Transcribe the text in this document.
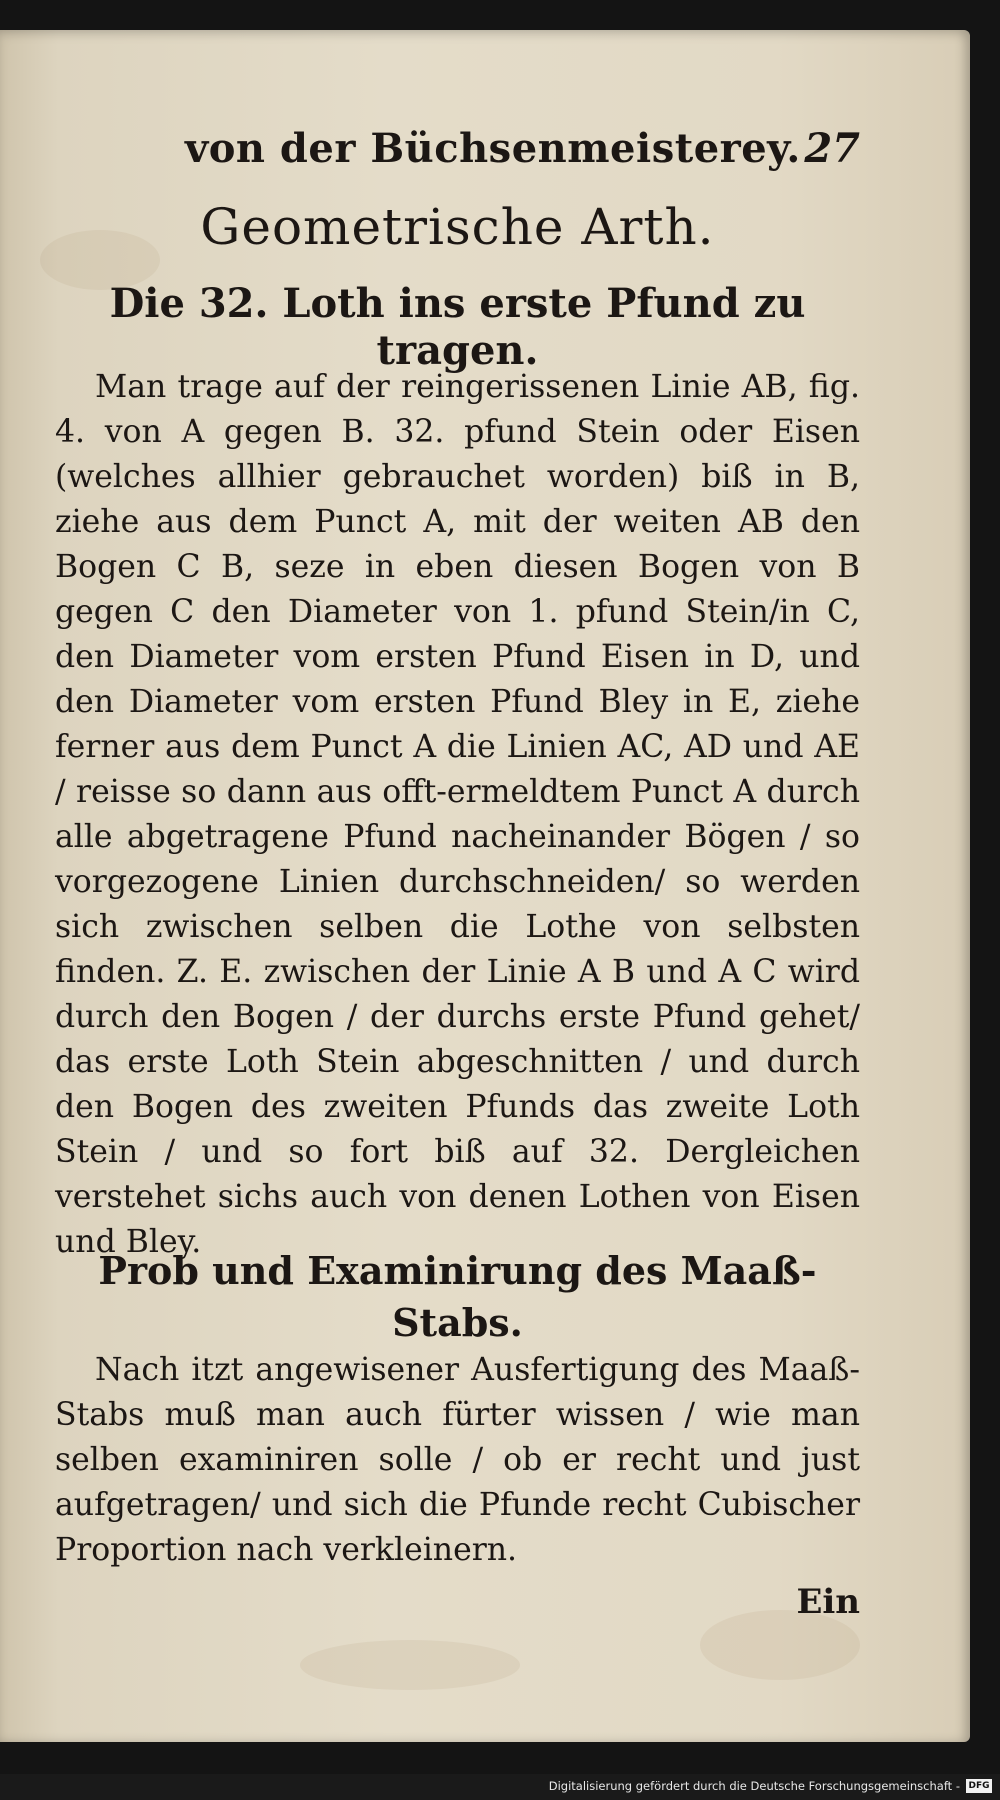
von der Büchsenmeisterey. 27
Geometrische Arth.
Die 32. Loth ins erste Pfund zu tragen.

Man trage auf der reingerissenen Linie AB, fig. 4. von A gegen B. 32. pfund Stein oder Eisen (welches allhier gebrauchet worden) biß in B, ziehe aus dem Punct A, mit der weiten AB den Bogen C B, seze in eben diesen Bogen von B gegen C den Diameter von 1. pfund Stein/in C, den Diameter vom ersten Pfund Eisen in D, und den Diameter vom ersten Pfund Bley in E, ziehe ferner aus dem Punct A die Linien AC, AD und AE / reisse so dann aus offt-ermeldtem Punct A durch alle abgetragene Pfund nacheinander Bögen / so vorgezogene Linien durchschneiden/ so werden sich zwischen selben die Lothe von selbsten finden. Z. E. zwischen der Linie A B und A C wird durch den Bogen / der durchs erste Pfund gehet/ das erste Loth Stein abgeschnitten / und durch den Bogen des zweiten Pfunds das zweite Loth Stein / und so fort biß auf 32. Dergleichen verstehet sichs auch von denen Lothen von Eisen und Bley.

Prob und Examinirung des Maaß-Stabs.

Nach itzt angewisener Ausfertigung des Maaß-Stabs muß man auch fürter wissen / wie man selben examiniren solle / ob er recht und just aufgetragen/ und sich die Pfunde recht Cubischer Proportion nach verkleinern.

Ein
Digitalisierung gefördert durch die Deutsche Forschungsgemeinschaft - DFG
